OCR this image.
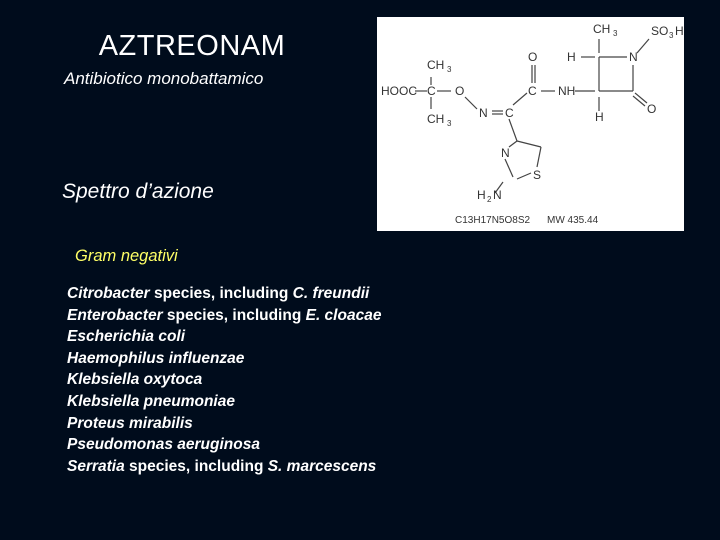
AZTREONAM
Antibiotico monobattamico
Spettro d’azione
Gram negativi
Citrobacter species, including C. freundii
Enterobacter species, including E. cloacae
Escherichia coli
Haemophilus influenzae
Klebsiella oxytoca
Klebsiella pneumoniae
Proteus mirabilis
Pseudomonas aeruginosa
Serratia species, including S. marcescens
CH 3	SO 3 H
O H	N
CH 3
HOOC C O	C NH
O
CH 3
N C	H
N
S
H 2 N
C13H17N5O8S2 MW 435.44
